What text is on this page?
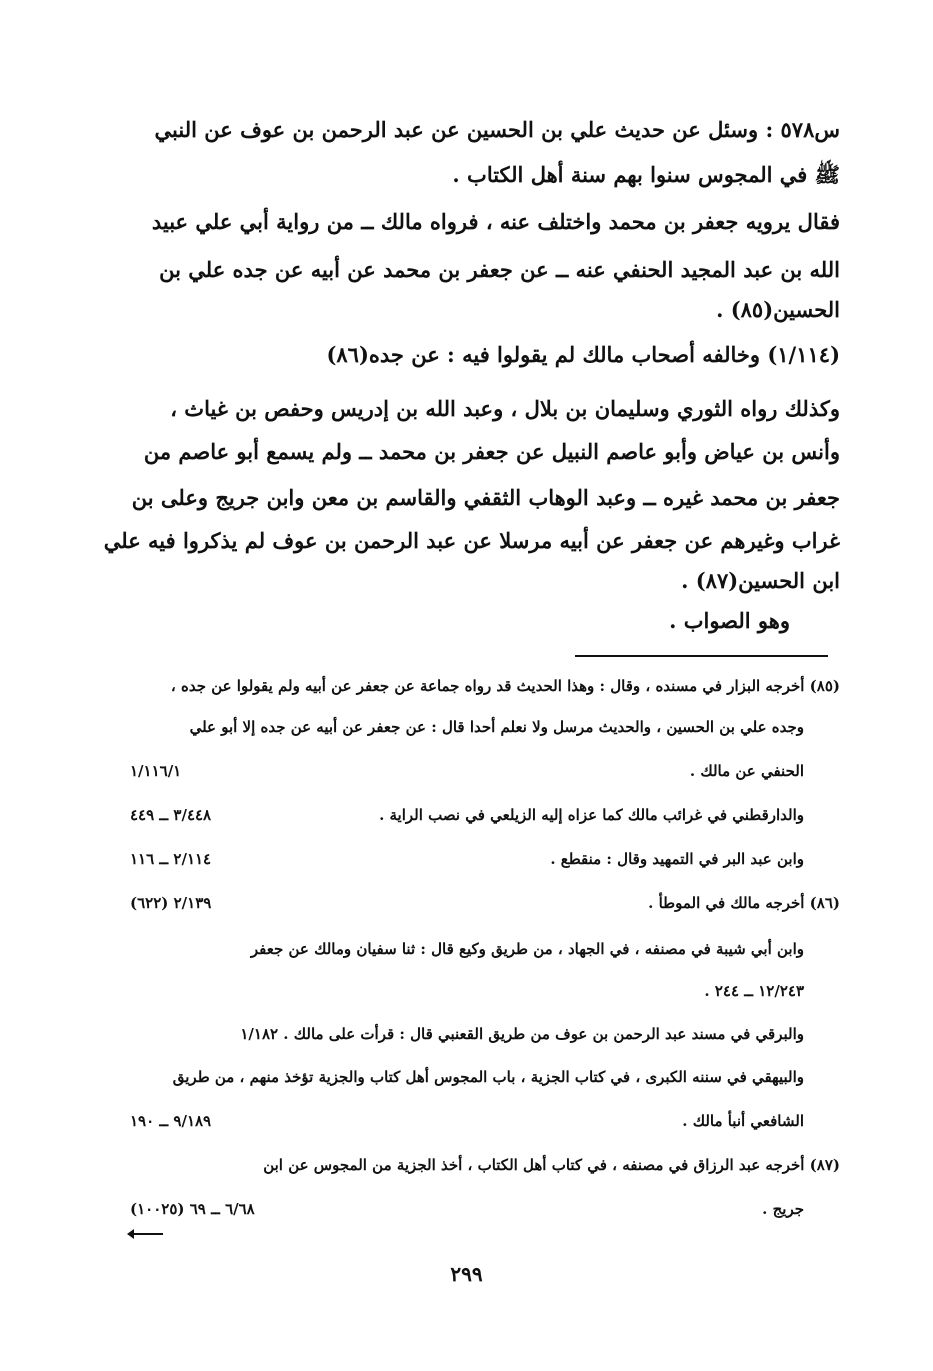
س٥٧٨ : وسئل عن حديث علي بن الحسين عن عبد الرحمن بن عوف عن النبي
ﷺ في المجوس سنوا بهم سنة أهل الكتاب .
فقال يرويه جعفر بن محمد واختلف عنه ، فرواه مالك ــ من رواية أبي علي عبيد
الله بن عبد المجيد الحنفي عنه ــ عن جعفر بن محمد عن أبيه عن جده علي بن
الحسين(٨٥) .
(١/١١٤) وخالفه أصحاب مالك لم يقولوا فيه : عن جده(٨٦)
وكذلك رواه الثوري وسليمان بن بلال ، وعبد الله بن إدريس وحفص بن غياث ،
وأنس بن عياض وأبو عاصم النبيل عن جعفر بن محمد ــ ولم يسمع أبو عاصم من
جعفر بن محمد غيره ــ وعبد الوهاب الثقفي والقاسم بن معن وابن جريج وعلى بن
غراب وغيرهم عن جعفر عن أبيه مرسلا عن عبد الرحمن بن عوف لم يذكروا فيه علي
ابن الحسين(٨٧) .
وهو الصواب .
(٨٥) أخرجه البزار في مسنده ، وقال : وهذا الحديث قد رواه جماعة عن جعفر عن أبيه ولم يقولوا عن جده ،
وجده علي بن الحسين ، والحديث مرسل ولا نعلم أحدا قال : عن جعفر عن أبيه عن جده إلا أبو علي
الحنفي عن مالك .
١/١١٦/١
والدارقطني في غرائب مالك كما عزاه إليه الزيلعي في نصب الراية .
٣/٤٤٨ ــ ٤٤٩
وابن عبد البر في التمهيد وقال : منقطع .
٢/١١٤ ــ ١١٦
(٨٦) أخرجه مالك في الموطأ .
٢/١٣٩ (٦٢٢)
وابن أبي شيبة في مصنفه ، في الجهاد ، من طريق وكيع قال : ثنا سفيان ومالك عن جعفر
١٢/٢٤٣ ــ ٢٤٤ .
والبرقي في مسند عبد الرحمن بن عوف من طريق القعنبي قال : قرأت على مالك . ١/١٨٢
والبيهقي في سننه الكبرى ، في كتاب الجزية ، باب المجوس أهل كتاب والجزية تؤخذ منهم ، من طريق
الشافعي أنبأ مالك .
٩/١٨٩ ــ ١٩٠
(٨٧) أخرجه عبد الرزاق في مصنفه ، في كتاب أهل الكتاب ، أخذ الجزية من المجوس عن ابن
جريج .
٦/٦٨ ــ ٦٩ (١٠٠٢٥)
٢٩٩
